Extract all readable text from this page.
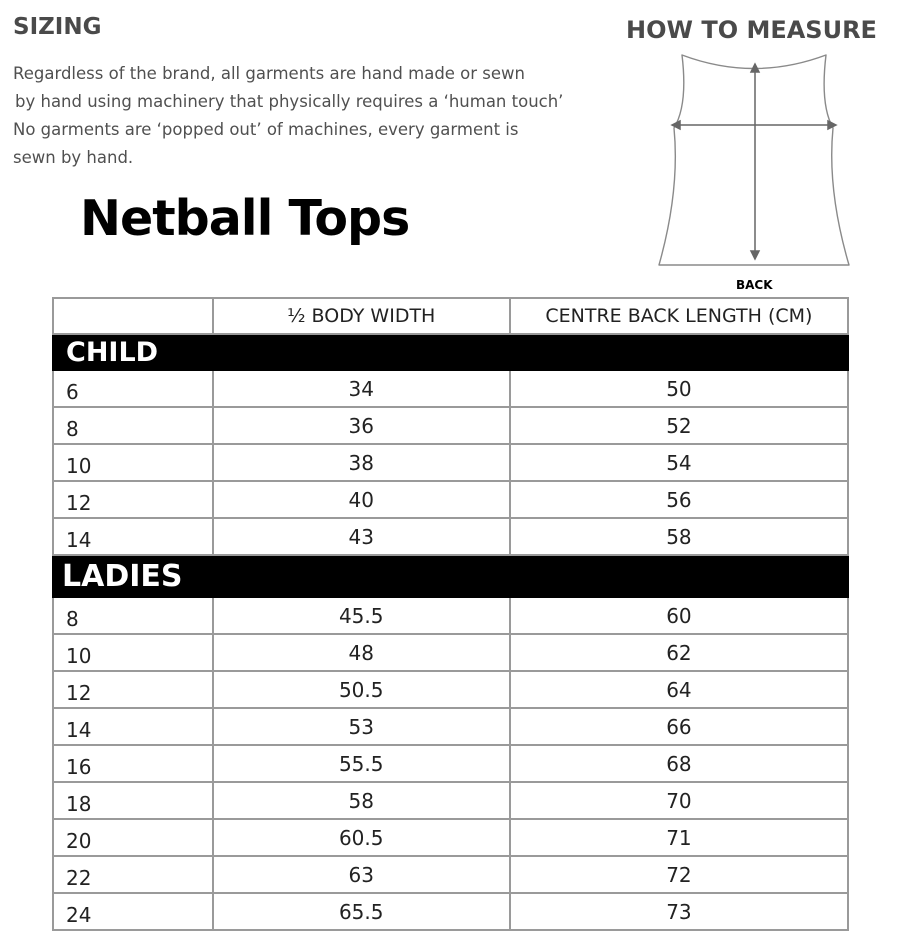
SIZING
Regardless of the brand, all garments are hand made or sewn
by hand using machinery that physically requires a ‘human touch’
No garments are ‘popped out’ of machines, every garment is
sewn by hand.
HOW TO MEASURE
BACK
Netball Tops
	½ BODY WIDTH	CENTRE BACK LENGTH (CM)
CHILD		
6	34	50
8	36	52
10	38	54
12	40	56
14	43	58
LADIES		
8	45.5	60
10	48	62
12	50.5	64
14	53	66
16	55.5	68
18	58	70
20	60.5	71
22	63	72
24	65.5	73
